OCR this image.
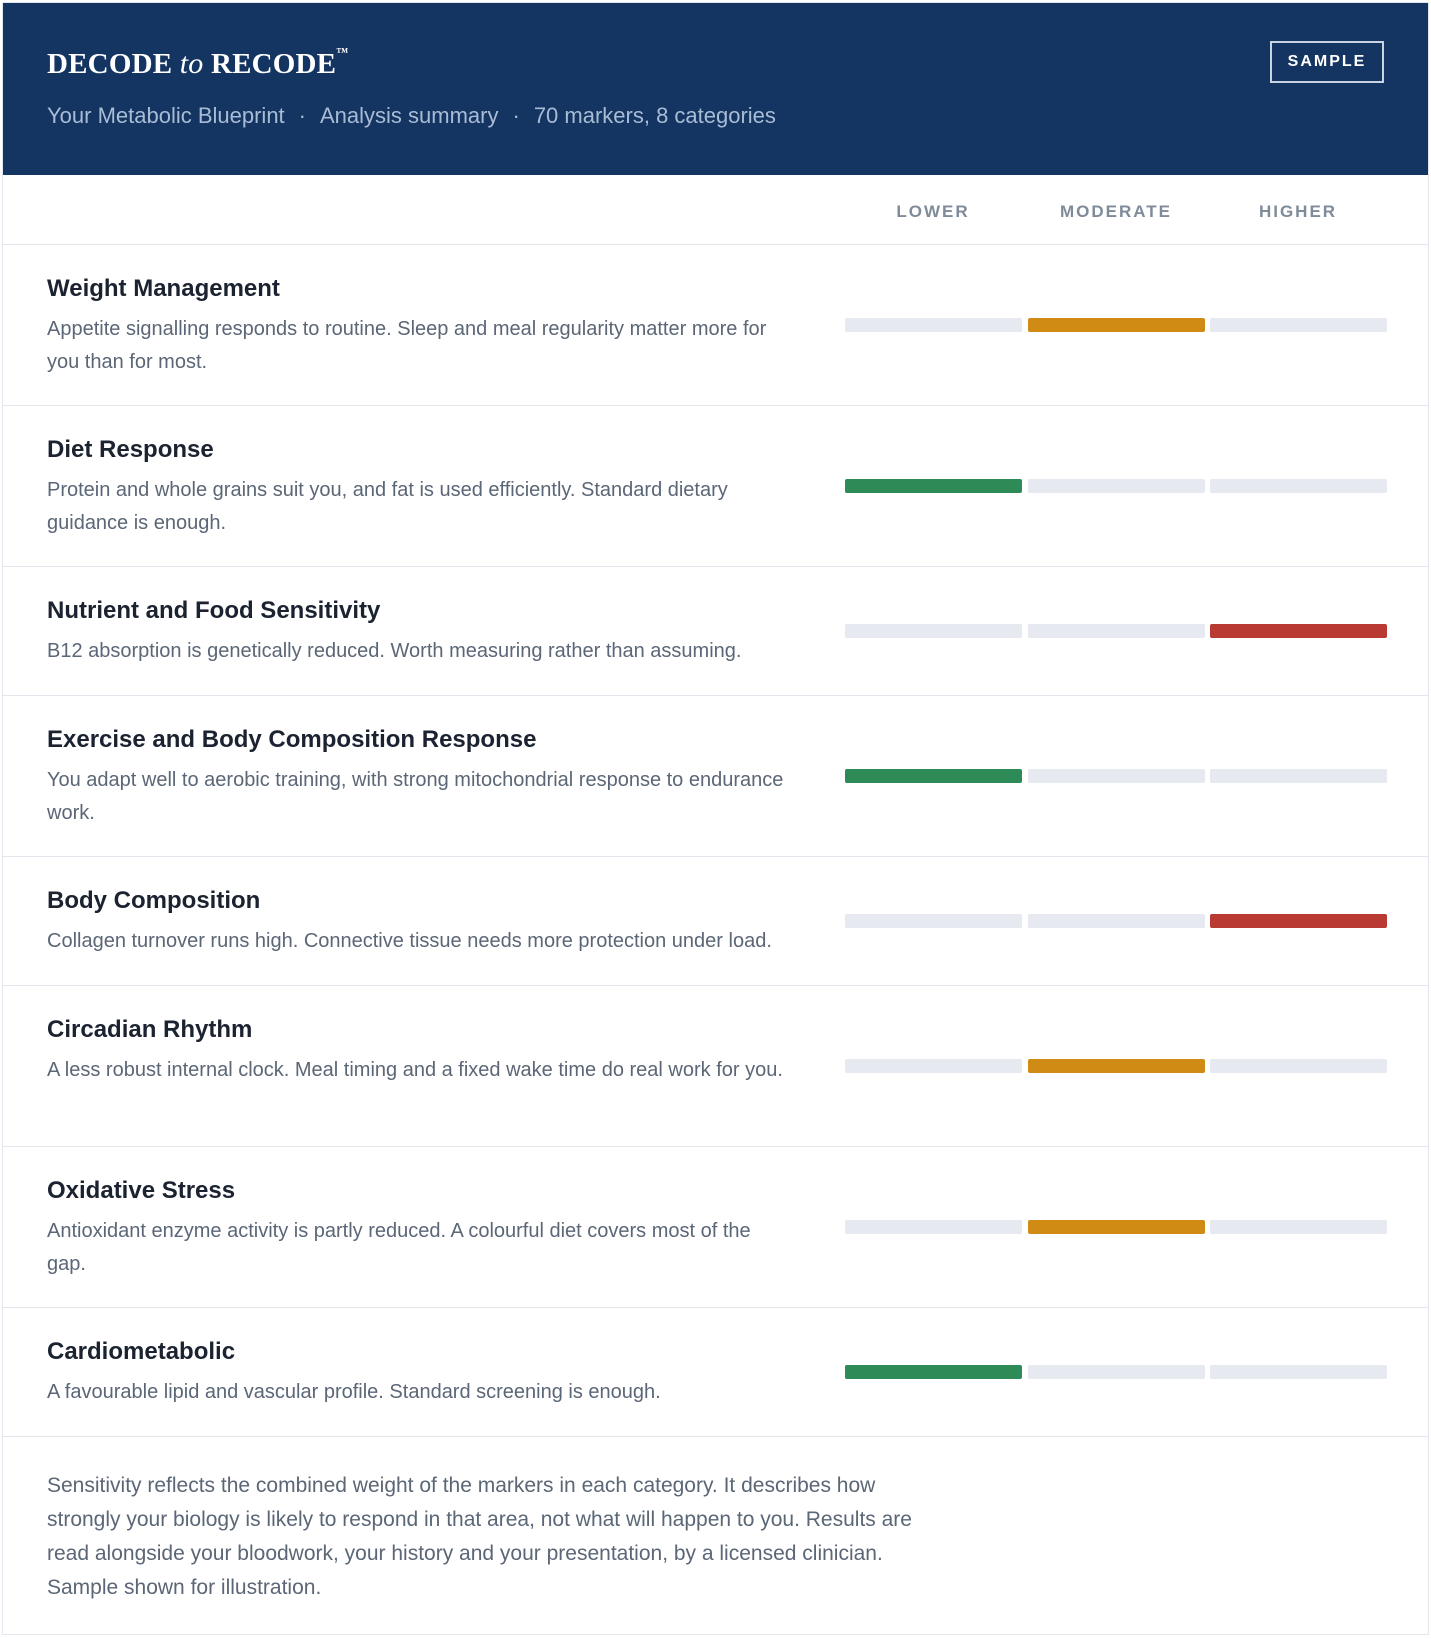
DECODE to RECODE™
Your Metabolic Blueprint · Analysis summary · 70 markers, 8 categories
SAMPLE
LOWER	MODERATE	HIGHER
Weight Management
Appetite signalling responds to routine. Sleep and meal regularity matter more for you than for most.
Diet Response
Protein and whole grains suit you, and fat is used efficiently. Standard dietary guidance is enough.
Nutrient and Food Sensitivity
B12 absorption is genetically reduced. Worth measuring rather than assuming.
Exercise and Body Composition Response
You adapt well to aerobic training, with strong mitochondrial response to endurance work.
Body Composition
Collagen turnover runs high. Connective tissue needs more protection under load.
Circadian Rhythm
A less robust internal clock. Meal timing and a fixed wake time do real work for you.
Oxidative Stress
Antioxidant enzyme activity is partly reduced. A colourful diet covers most of the gap.
Cardiometabolic
A favourable lipid and vascular profile. Standard screening is enough.
Sensitivity reflects the combined weight of the markers in each category. It describes how strongly your biology is likely to respond in that area, not what will happen to you. Results are read alongside your bloodwork, your history and your presentation, by a licensed clinician. Sample shown for illustration.
